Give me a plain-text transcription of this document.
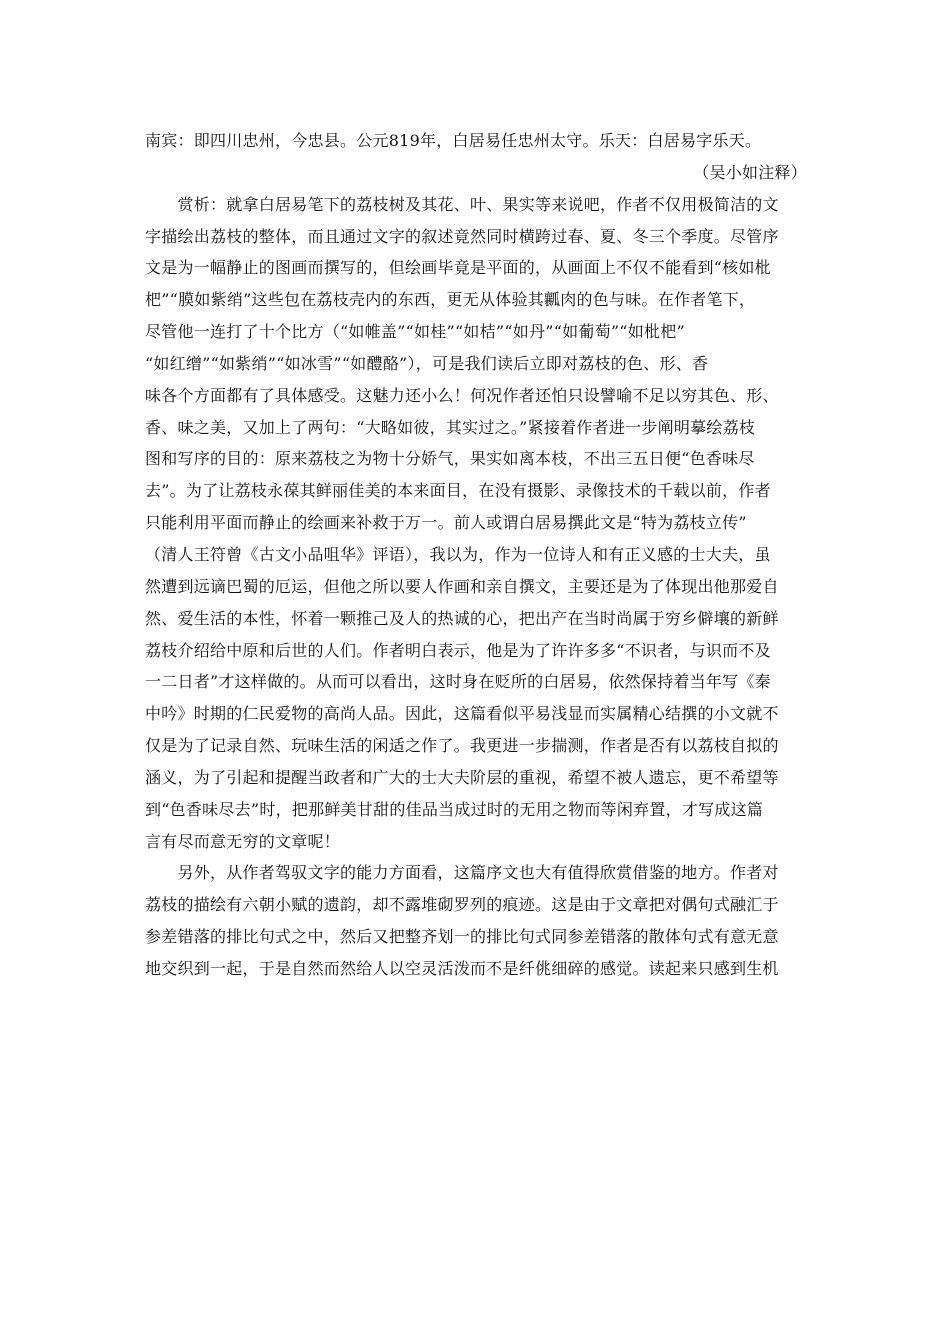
南宾：即四川忠州，今忠县。公元819年，白居易任忠州太守。乐天：白居易字乐天。
（吴小如注释）
　　赏析：就拿白居易笔下的荔枝树及其花、叶、果实等来说吧，作者不仅用极简洁的文
字描绘出荔枝的整体，而且通过文字的叙述竟然同时横跨过春、夏、冬三个季度。尽管序
文是为一幅静止的图画而撰写的，但绘画毕竟是平面的，从画面上不仅不能看到“核如枇
杷”“膜如紫绡”这些包在荔枝壳内的东西，更无从体验其瓤肉的色与味。在作者笔下，
尽管他一连打了十个比方（“如帷盖”“如桂”“如桔”“如丹”“如葡萄”“如枇杷”
“如红缯”“如紫绡”“如冰雪”“如醴酪”），可是我们读后立即对荔枝的色、形、香
味各个方面都有了具体感受。这魅力还小么！何况作者还怕只设譬喻不足以穷其色、形、
香、味之美，又加上了两句：“大略如彼，其实过之。”紧接着作者进一步阐明摹绘荔枝
图和写序的目的：原来荔枝之为物十分娇气，果实如离本枝，不出三五日便“色香味尽
去”。为了让荔枝永葆其鲜丽佳美的本来面目，在没有摄影、录像技术的千载以前，作者
只能利用平面而静止的绘画来补救于万一。前人或谓白居易撰此文是“特为荔枝立传”
（清人王符曾《古文小品咀华》评语），我以为，作为一位诗人和有正义感的士大夫，虽
然遭到远谪巴蜀的厄运，但他之所以要人作画和亲自撰文，主要还是为了体现出他那爱自
然、爱生活的本性，怀着一颗推己及人的热诚的心，把出产在当时尚属于穷乡僻壤的新鲜
荔枝介绍给中原和后世的人们。作者明白表示，他是为了许许多多“不识者，与识而不及
一二日者”才这样做的。从而可以看出，这时身在贬所的白居易，依然保持着当年写《秦
中吟》时期的仁民爱物的高尚人品。因此，这篇看似平易浅显而实属精心结撰的小文就不
仅是为了记录自然、玩味生活的闲适之作了。我更进一步揣测，作者是否有以荔枝自拟的
涵义，为了引起和提醒当政者和广大的士大夫阶层的重视，希望不被人遗忘，更不希望等
到“色香味尽去”时，把那鲜美甘甜的佳品当成过时的无用之物而等闲弃置，才写成这篇
言有尽而意无穷的文章呢！
　　另外，从作者驾驭文字的能力方面看，这篇序文也大有值得欣赏借鉴的地方。作者对
荔枝的描绘有六朝小赋的遗韵，却不露堆砌罗列的痕迹。这是由于文章把对偶句式融汇于
参差错落的排比句式之中，然后又把整齐划一的排比句式同参差错落的散体句式有意无意
地交织到一起，于是自然而然给人以空灵活泼而不是纤佻细碎的感觉。读起来只感到生机
